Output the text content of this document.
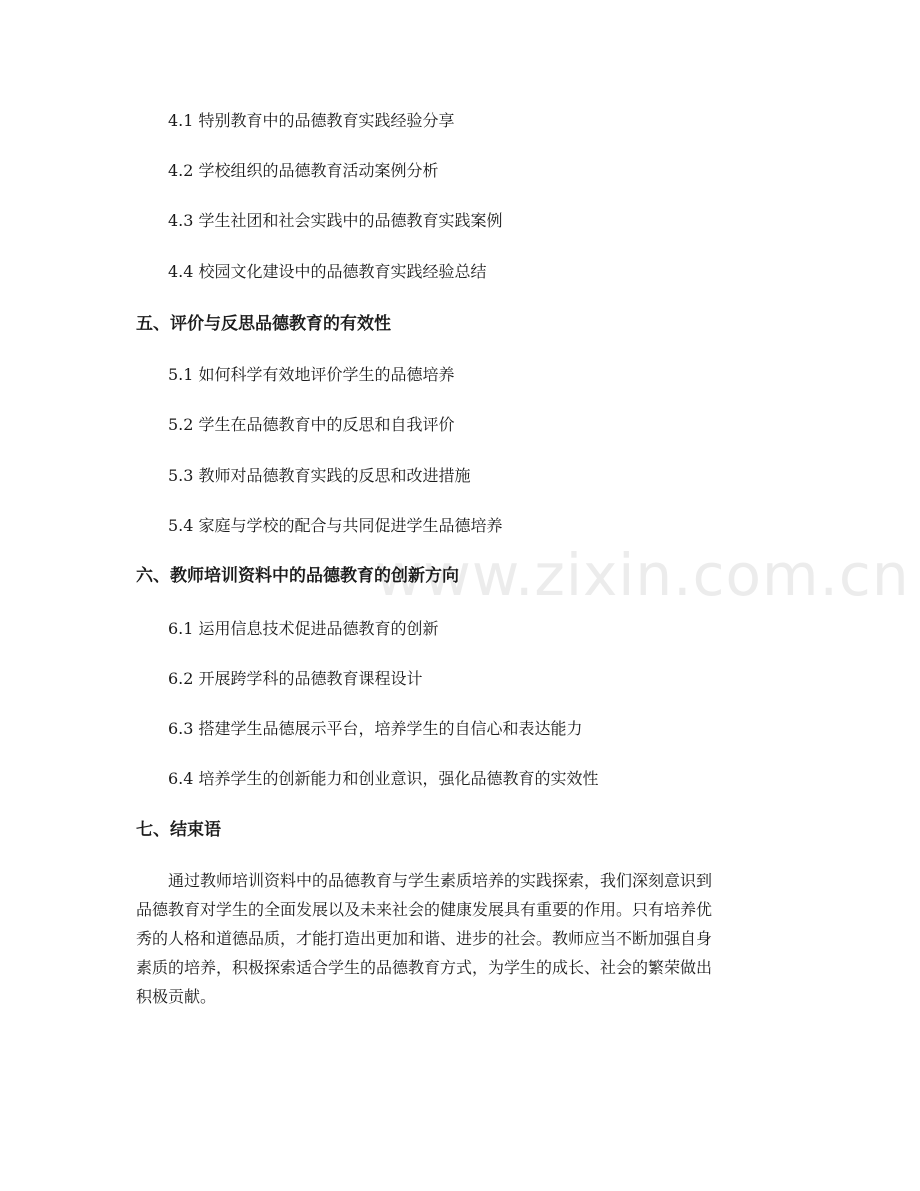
www.zixin.com.cn
4.1 特别教育中的品德教育实践经验分享
4.2 学校组织的品德教育活动案例分析
4.3 学生社团和社会实践中的品德教育实践案例
4.4 校园文化建设中的品德教育实践经验总结
五、评价与反思品德教育的有效性
5.1 如何科学有效地评价学生的品德培养
5.2 学生在品德教育中的反思和自我评价
5.3 教师对品德教育实践的反思和改进措施
5.4 家庭与学校的配合与共同促进学生品德培养
六、教师培训资料中的品德教育的创新方向
6.1 运用信息技术促进品德教育的创新
6.2 开展跨学科的品德教育课程设计
6.3 搭建学生品德展示平台，培养学生的自信心和表达能力
6.4 培养学生的创新能力和创业意识，强化品德教育的实效性
七、结束语
通过教师培训资料中的品德教育与学生素质培养的实践探索，我们深刻意识到
品德教育对学生的全面发展以及未来社会的健康发展具有重要的作用。只有培养优
秀的人格和道德品质，才能打造出更加和谐、进步的社会。教师应当不断加强自身
素质的培养，积极探索适合学生的品德教育方式，为学生的成长、社会的繁荣做出
积极贡献。
